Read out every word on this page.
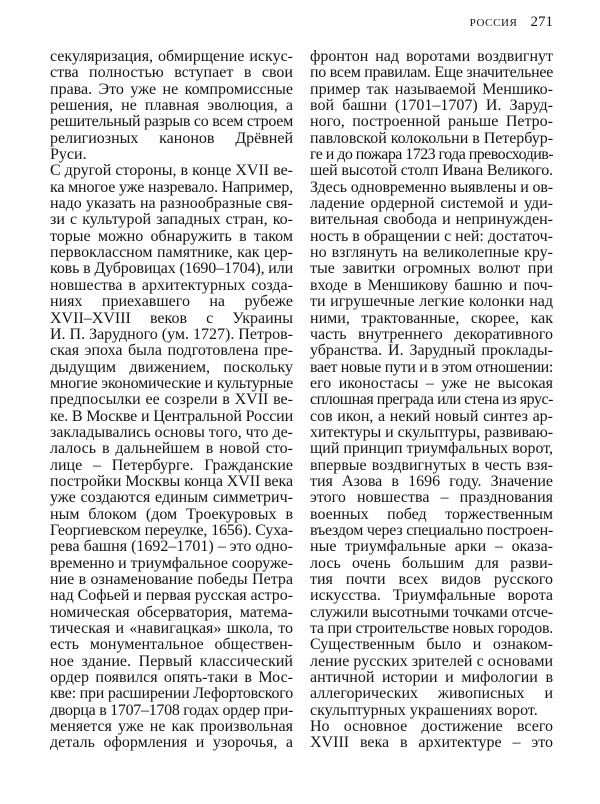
РОССИЯ 271
секуляризация, обмирщение искус-
ства полностью вступает в свои
права. Это уже не компромиссные
решения, не плавная эволюция, а
решительный разрыв со всем строем
религиозных канонов Дрёвней
Руси.
С другой стороны, в конце XVII ве-
ка многое уже назревало. Например,
надо указать на разнообразные свя-
зи с культурой западных стран, ко-
торые можно обнаружить в таком
первоклассном памятнике, как цер-
ковь в Дубровицах (1690–1704), или
новшества в архитектурных созда-
ниях приехавшего на рубеже
XVII–XVIII веков с Украины
И. П. Зарудного (ум. 1727). Петров-
ская эпоха была подготовлена пре-
дыдущим движением, поскольку
многие экономические и культурные
предпосылки ее созрели в XVII ве-
ке. В Москве и Центральной России
закладывались основы того, что де-
лалось в дальнейшем в новой сто-
лице – Петербурге. Гражданские
постройки Москвы конца XVII века
уже создаются единым симметрич-
ным блоком (дом Троекуровых в
Георгиевском переулке, 1656). Суха-
рева башня (1692–1701) – это одно-
временно и триумфальное сооруже-
ние в ознаменование победы Петра
над Софьей и первая русская астро-
номическая обсерватория, матема-
тическая и «навигацкая» школа, то
есть монументальное обществен-
ное здание. Первый классический
ордер появился опять-таки в Мос-
кве: при расширении Лефортовского
дворца в 1707–1708 годах ордер при-
меняется уже не как произвольная
деталь оформления и узорочья, а
фронтон над воротами воздвигнут
по всем правилам. Еще значительнее
пример так называемой Меншико-
вой башни (1701–1707) И. Заруд-
ного, построенной раньше Петро-
павловской колокольни в Петербур-
ге и до пожара 1723 года превосходив-
шей высотой столп Ивана Великого.
Здесь одновременно выявлены и ов-
ладение ордерной системой и уди-
вительная свобода и непринужден-
ность в обращении с ней: достаточ-
но взглянуть на великолепные кру-
тые завитки огромных волют при
входе в Меншикову башню и поч-
ти игрушечные легкие колонки над
ними, трактованные, скорее, как
часть внутреннего декоративного
убранства. И. Зарудный проклады-
вает новые пути и в этом отношении:
его иконостасы – уже не высокая
сплошная преграда или стена из ярус-
сов икон, а некий новый синтез ар-
хитектуры и скульптуры, развиваю-
щий принцип триумфальных ворот,
впервые воздвигнутых в честь взя-
тия Азова в 1696 году. Значение
этого новшества – празднования
военных побед торжественным
въездом через специально построен-
ные триумфальные арки – оказа-
лось очень большим для разви-
тия почти всех видов русского
искусства. Триумфальные ворота
служили высотными точками отсче-
та при строительстве новых городов.
Существенным было и ознаком-
ление русских зрителей с основами
античной истории и мифологии в
аллегорических живописных и
скульптурных украшениях ворот.
Но основное достижение всего
XVIII века в архитектуре – это
